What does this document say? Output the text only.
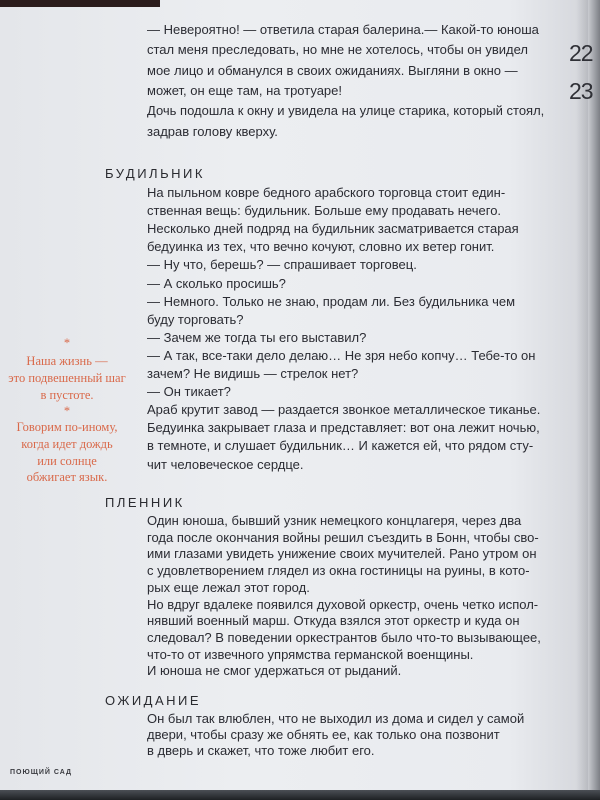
22
23
ПОЮЩИЙ САД
— Невероятно! — ответила старая балерина.— Какой-то юноша
стал меня преследовать, но мне не хотелось, чтобы он увидел
мое лицо и обманулся в своих ожиданиях. Выгляни в окно —
может, он еще там, на тротуаре!
Дочь подошла к окну и увидела на улице старика, который стоял,
задрав голову кверху.
БУДИЛЬНИК
На пыльном ковре бедного арабского торговца стоит един-
ственная вещь: будильник. Больше ему продавать нечего.
Несколько дней подряд на будильник засматривается старая
бедуинка из тех, что вечно кочуют, словно их ветер гонит.
— Ну что, берешь? — спрашивает торговец.
— А сколько просишь?
— Немного. Только не знаю, продам ли. Без будильника чем
буду торговать?
— Зачем же тогда ты его выставил?
— А так, все-таки дело делаю… Не зря небо копчу… Тебе-то он
зачем? Не видишь — стрелок нет?
— Он тикает?
Араб крутит завод — раздается звонкое металлическое тиканье.
Бедуинка закрывает глаза и представляет: вот она лежит ночью,
в темноте, и слушает будильник… И кажется ей, что рядом сту-
чит человеческое сердце.
ПЛЕННИК
Один юноша, бывший узник немецкого концлагеря, через два
года после окончания войны решил съездить в Бонн, чтобы сво-
ими глазами увидеть унижение своих мучителей. Рано утром он
с удовлетворением глядел из окна гостиницы на руины, в кото-
рых еще лежал этот город.
Но вдруг вдалеке появился духовой оркестр, очень четко испол-
нявший военный марш. Откуда взялся этот оркестр и куда он
следовал? В поведении оркестрантов было что-то вызывающее,
что-то от извечного упрямства германской военщины.
И юноша не смог удержаться от рыданий.
ОЖИДАНИЕ
Он был так влюблен, что не выходил из дома и сидел у самой
двери, чтобы сразу же обнять ее, как только она позвонит
в дверь и скажет, что тоже любит его.
*
Наша жизнь —
это подвешенный шаг
в пустоте.
*
Говорим по-иному,
когда идет дождь
или солнце
обжигает язык.
